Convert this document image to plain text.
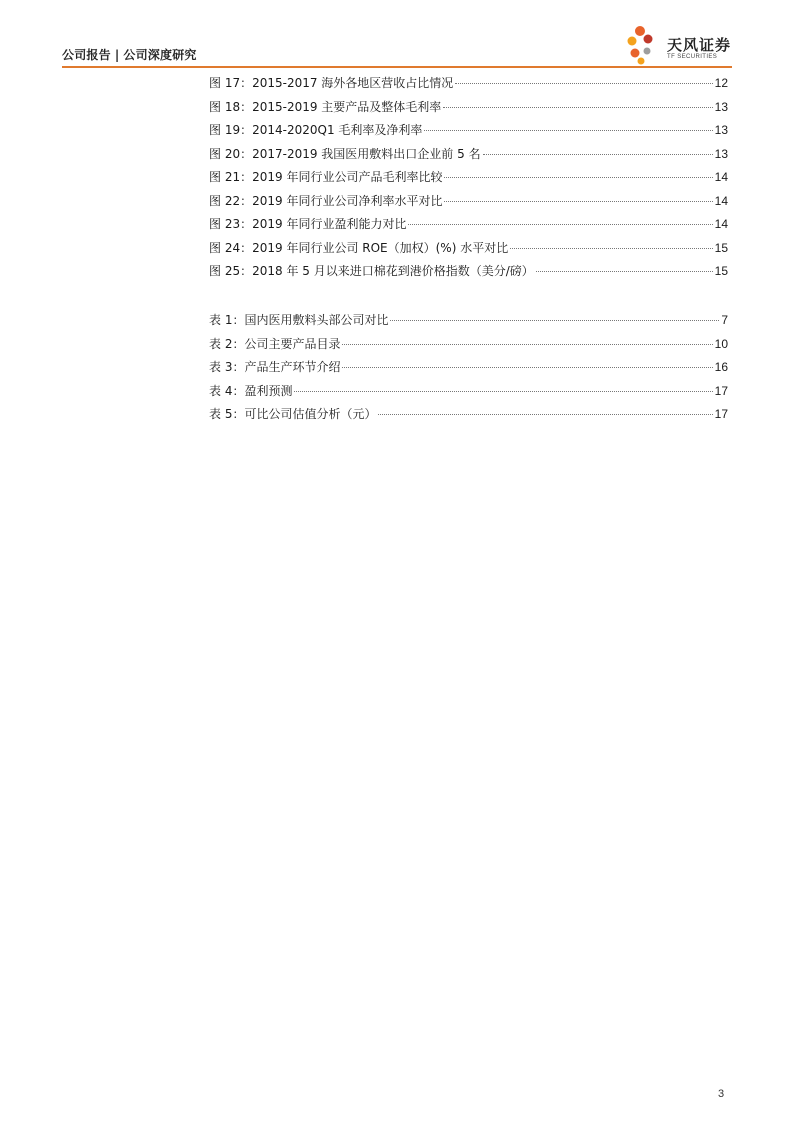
公司报告 | 公司深度研究
天风证券
TF SECURITIES
图 17：2015-2017 海外各地区营收占比情况	12
图 18：2015-2019 主要产品及整体毛利率	13
图 19：2014-2020Q1 毛利率及净利率	13
图 20：2017-2019 我国医用敷料出口企业前 5 名	13
图 21：2019 年同行业公司产品毛利率比较	14
图 22：2019 年同行业公司净利率水平对比	14
图 23：2019 年同行业盈利能力对比	14
图 24：2019 年同行业公司 ROE（加权）(%) 水平对比	15
图 25：2018 年 5 月以来进口棉花到港价格指数（美分/磅）	15
表 1：国内医用敷料头部公司对比	7
表 2：公司主要产品目录	10
表 3：产品生产环节介绍	16
表 4：盈利预测	17
表 5：可比公司估值分析（元）	17
3
